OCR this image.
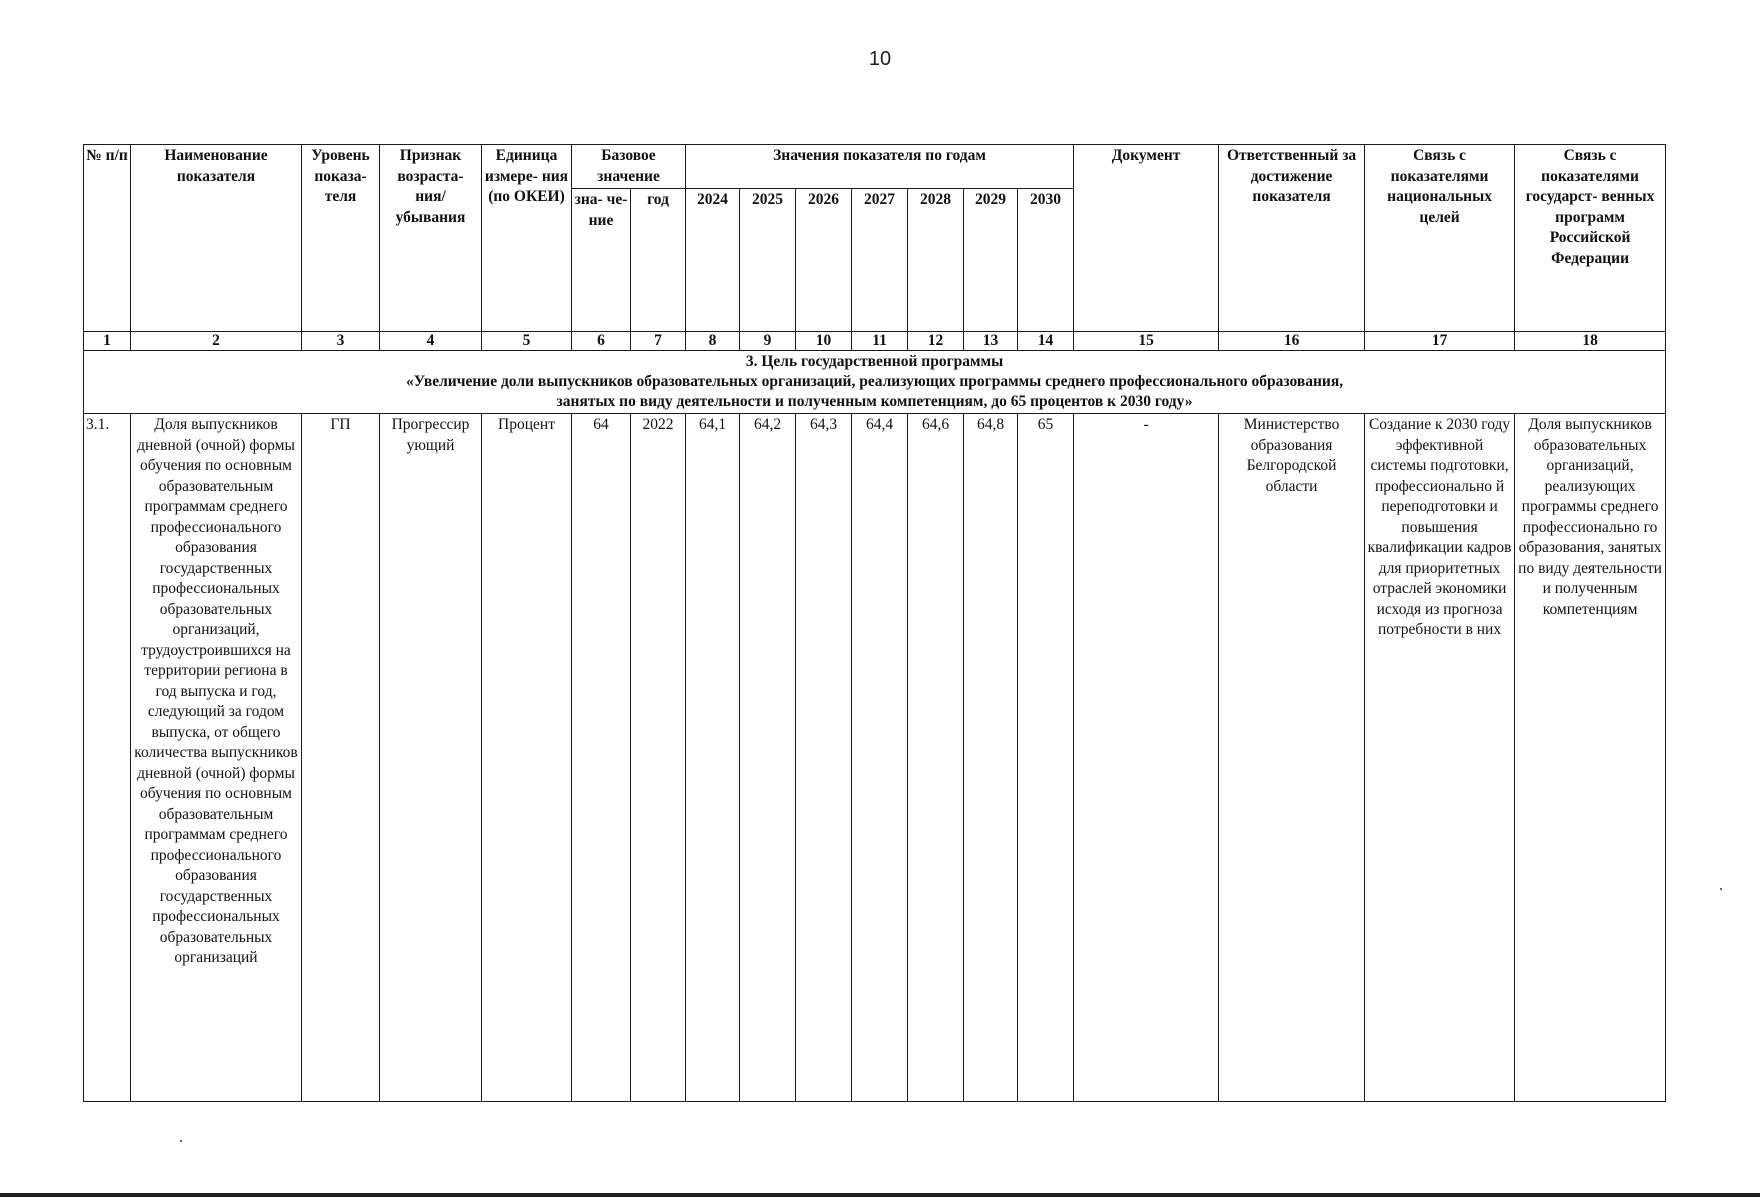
10
№ п/п	Наименование показателя	Уровень показа- теля	Признак возраста- ния/ убывания	Единица измере- ния (по ОКЕИ)	Базовое значение		Значения показателя по годам							Документ	Ответственный за достижение показателя	Связь с показателями национальных целей	Связь с показателями государст- венных программ Российской Федерации
					зна- че- ние	год	2024	2025	2026	2027	2028	2029	2030				
1	2	3	4	5	6	7	8	9	10	11	12	13	14	15	16	17	18

3. Цель государственной программы
«Увеличение доли выпускников образовательных организаций, реализующих программы среднего профессионального образования,
занятых по виду деятельности и полученным компетенциям, до 65 процентов к 2030 году»																	

3.1.	Доля выпускников дневной (очной) формы обучения по основным образовательным программам среднего профессионального образования государственных профессиональных образовательных организаций, трудоустроившихся на территории региона в год выпуска и год, следующий за годом выпуска, от общего количества выпускников дневной (очной) формы обучения по основным образовательным программам среднего профессионального образования государственных профессиональных образовательных организаций	ГП	Прогрессир ующий	Процент	64	2022	64,1	64,2	64,3	64,4	64,6	64,8	65	-	Министерство образования Белгородской области	Создание к 2030 году эффективной системы подготовки, профессионально й переподготовки и повышения квалификации кадров для приоритетных отраслей экономики исходя из прогноза потребности в них	Доля выпускников образовательных организаций, реализующих программы среднего профессионально го образования, занятых по виду деятельности и полученным компетенциям
